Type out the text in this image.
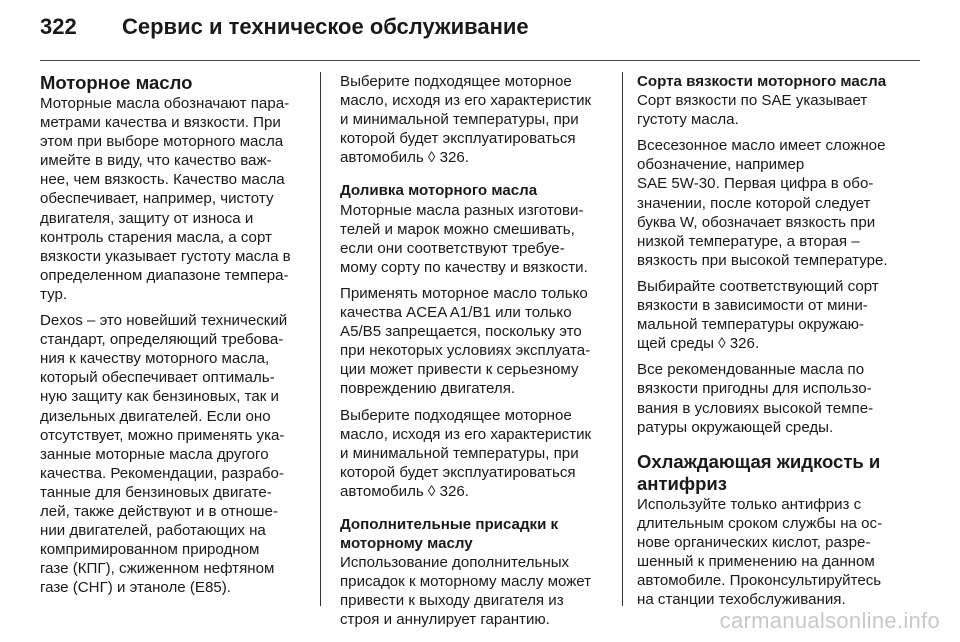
322 Сервис и техническое обслуживание
Моторное масло
Моторные масла обозначают пара-
метрами качества и вязкости. При
этом при выборе моторного масла
имейте в виду, что качество важ-
нее, чем вязкость. Качество масла
обеспечивает, например, чистоту
двигателя, защиту от износа и
контроль старения масла, а сорт
вязкости указывает густоту масла в
определенном диапазоне темпера-
тур.
Dexos – это новейший технический
стандарт, определяющий требова-
ния к качеству моторного масла,
который обеспечивает оптималь-
ную защиту как бензиновых, так и
дизельных двигателей. Если оно
отсутствует, можно применять ука-
занные моторные масла другого
качества. Рекомендации, разрабо-
танные для бензиновых двигате-
лей, также действуют и в отноше-
нии двигателей, работающих на
компримированном природном
газе (КПГ), сжиженном нефтяном
газе (СНГ) и этаноле (E85).
Выберите подходящее моторное
масло, исходя из его характеристик
и минимальной температуры, при
которой будет эксплуатироваться
автомобиль ◊ 326.
Доливка моторного масла
Моторные масла разных изготови-
телей и марок можно смешивать,
если они соответствуют требуе-
мому сорту по качеству и вязкости.
Применять моторное масло только
качества ACEA A1/B1 или только
A5/B5 запрещается, поскольку это
при некоторых условиях эксплуата-
ции может привести к серьезному
повреждению двигателя.
Выберите подходящее моторное
масло, исходя из его характеристик
и минимальной температуры, при
которой будет эксплуатироваться
автомобиль ◊ 326.
Дополнительные присадки к
моторному маслу
Использование дополнительных
присадок к моторному маслу может
привести к выходу двигателя из
строя и аннулирует гарантию.
Сорта вязкости моторного масла
Сорт вязкости по SAE указывает
густоту масла.
Всесезонное масло имеет сложное
обозначение, например
SAE 5W-30. Первая цифра в обо-
значении, после которой следует
буква W, обозначает вязкость при
низкой температуре, а вторая –
вязкость при высокой температуре.
Выбирайте соответствующий сорт
вязкости в зависимости от мини-
мальной температуры окружаю-
щей среды ◊ 326.
Все рекомендованные масла по
вязкости пригодны для использо-
вания в условиях высокой темпе-
ратуры окружающей среды.
Охлаждающая жидкость и
антифриз
Используйте только антифриз с
длительным сроком службы на ос-
нове органических кислот, разре-
шенный к применению на данном
автомобиле. Проконсультируйтесь
на станции техобслуживания.
carmanualsonline.info
